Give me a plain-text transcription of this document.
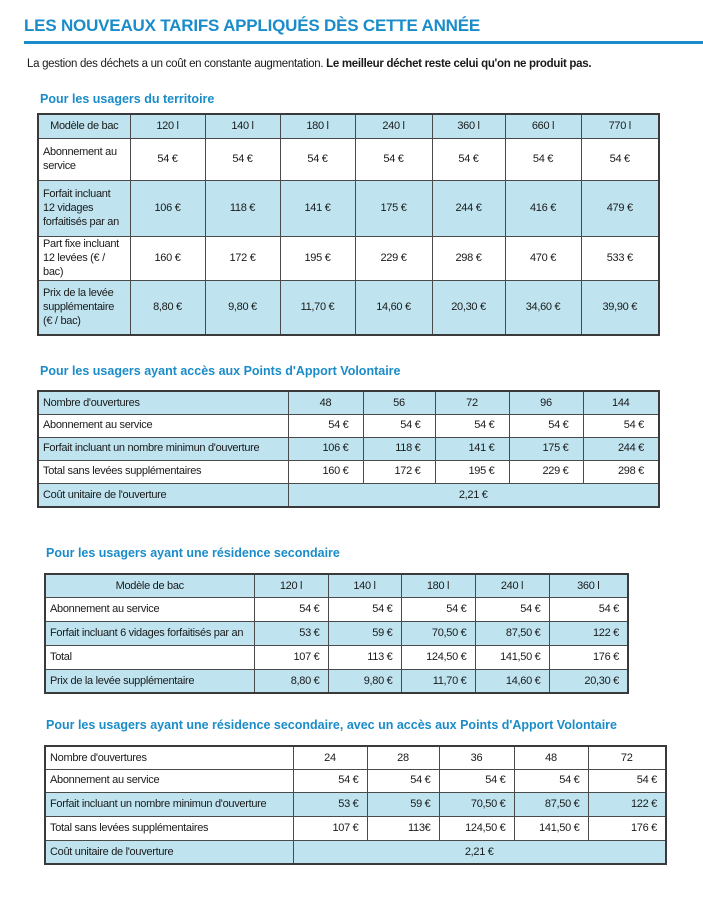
LES NOUVEAUX TARIFS APPLIQUÉS DÈS CETTE ANNÉE

La gestion des déchets a un coût en constante augmentation. Le meilleur déchet reste celui qu'on ne produit pas.

Pour les usagers du territoire
Modèle de bac	120 l	140 l	180 l	240 l	360 l	660 l	770 l

Abonnement au
service	54 €	54 €	54 €	54 €	54 €	54 €	54 €

Forfait incluant
12 vidages
forfaitisés par an	106 €	118 €	141 €	175 €	244 €	416 €	479 €

Part fixe incluant
12 levées (€ / bac)	160 €	172 €	195 €	229 €	298 €	470 €	533 €

Prix de la levée
supplémentaire
(€ / bac)	8,80 €	9,80 €	11,70 €	14,60 €	20,30 €	34,60 €	39,90 €
Pour les usagers ayant accès aux Points d'Apport Volontaire
Nombre d'ouvertures	48	56	72	96	144
Abonnement au service	54 €	54 €	54 €	54 €	54 €
Forfait incluant un nombre minimun d'ouverture	106 €	118 €	141 €	175 €	244 €
Total sans levées supplémentaires	160 €	172 €	195 €	229 €	298 €
Coût unitaire de l'ouverture	2,21 €				
Pour les usagers ayant une résidence secondaire
Modèle de bac	120 l	140 l	180 l	240 l	360 l
Abonnement au service	54 €	54 €	54 €	54 €	54 €
Forfait incluant 6 vidages forfaitisés par an	53 €	59 €	70,50 €	87,50 €	122 €
Total	107 €	113 €	124,50 €	141,50 €	176 €
Prix de la levée supplémentaire	8,80 €	9,80 €	11,70 €	14,60 €	20,30 €
Pour les usagers ayant une résidence secondaire, avec un accès aux Points d'Apport Volontaire
Nombre d'ouvertures	24	28	36	48	72
Abonnement au service	54 €	54 €	54 €	54 €	54 €
Forfait incluant un nombre minimun d'ouverture	53 €	59 €	70,50 €	87,50 €	122 €
Total sans levées supplémentaires	107 €	113€	124,50 €	141,50 €	176 €
Coût unitaire de l'ouverture	2,21 €				
